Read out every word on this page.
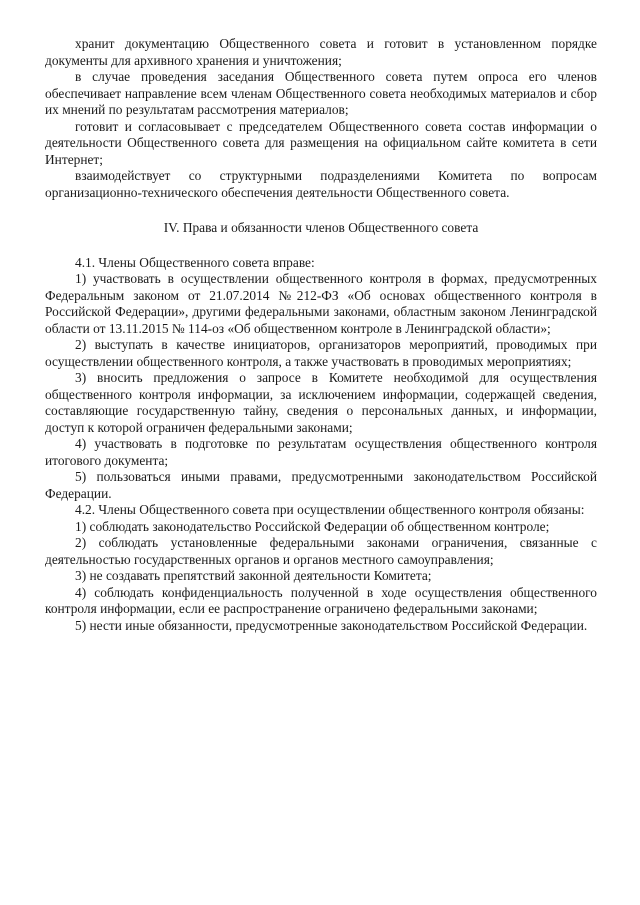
хранит документацию Общественного совета и готовит в установленном порядке документы для архивного хранения и уничтожения;

в случае проведения заседания Общественного совета путем опроса его членов обеспечивает направление всем членам Общественного совета необходимых материалов и сбор их мнений по результатам рассмотрения материалов;

готовит и согласовывает с председателем Общественного совета состав информации о деятельности Общественного совета для размещения на официальном сайте комитета в сети Интернет;

взаимодействует со структурными подразделениями Комитета по вопросам организационно-технического обеспечения деятельности Общественного совета.

IV. Права и обязанности членов Общественного совета

4.1. Члены Общественного совета вправе:

1) участвовать в осуществлении общественного контроля в формах, предусмотренных Федеральным законом от 21.07.2014 №212-ФЗ «Об основах общественного контроля в Российской Федерации», другими федеральными законами, областным законом Ленинградской области от 13.11.2015 № 114-оз «Об общественном контроле в Ленинградской области»;

2) выступать в качестве инициаторов, организаторов мероприятий, проводимых при осуществлении общественного контроля, а также участвовать в проводимых мероприятиях;

3) вносить предложения о запросе в Комитете необходимой для осуществления общественного контроля информации, за исключением информации, содержащей сведения, составляющие государственную тайну, сведения о персональных данных, и информации, доступ к которой ограничен федеральными законами;

4) участвовать в подготовке по результатам осуществления общественного контроля итогового документа;

5) пользоваться иными правами, предусмотренными законодательством Российской Федерации.

4.2. Члены Общественного совета при осуществлении общественного контроля обязаны:

1) соблюдать законодательство Российской Федерации об общественном контроле;

2) соблюдать установленные федеральными законами ограничения, связанные с деятельностью государственных органов и органов местного самоуправления;

3) не создавать препятствий законной деятельности Комитета;

4) соблюдать конфиденциальность полученной в ходе осуществления общественного контроля информации, если ее распространение ограничено федеральными законами;

5) нести иные обязанности, предусмотренные законодательством Российской Федерации.
